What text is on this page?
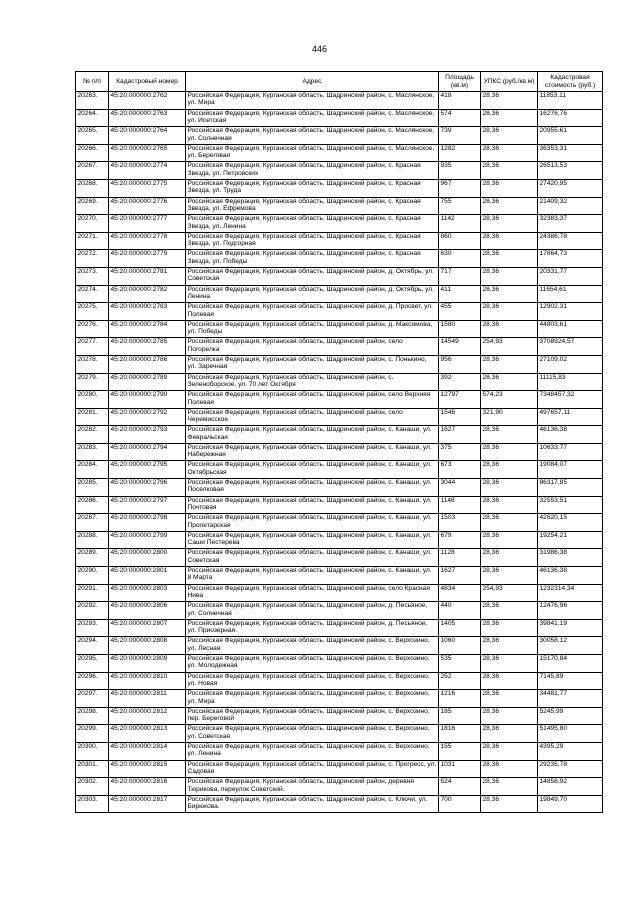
446
№ п/п	Кадастровый номер	Адрес	Площадь (кв.м)	УПКС (руб./кв.м)	Кадастровая стоимость (руб.)
20263.	45:20:000000:2762	Российская Федерация, Курганская область, Шадринский район, с. Маслянское, ул. Мира	418	28,36	11853,11
20264.	45:20:000000:2763	Российская Федерация, Курганская область, Шадринский район, с. Маслянское, ул. Исетская	574	28,36	16276,76
20265.	45:20:000000:2764	Российская Федерация, Курганская область, Шадринский район, с. Маслянское, ул. Солнечная	739	28,36	20955,61
20266.	45:20:000000:2765	Российская Федерация, Курганская область, Шадринский район, с. Маслянское, ул. Береговая	1282	28,36	36353,31
20267.	45:20:000000:2774	Российская Федерация, Курганская область, Шадринский район, с. Красная Звезда, ул. Петровских	935	28,36	26513,53
20268.	45:20:000000:2775	Российская Федерация, Курганская область, Шадринский район, с. Красная Звезда, ул. Труда	967	28,36	27420,95
20269.	45:20:000000:2776	Российская Федерация, Курганская область, Шадринский район, с. Красная Звезда, ул. Ефремова	755	28,36	21409,32
20270.	45:20:000000:2777	Российская Федерация, Курганская область, Шадринский район, с. Красная Звезда, ул. Ленина	1142	28,36	32383,37
20271.	45:20:000000:2778	Российская Федерация, Курганская область, Шадринский район, с. Красная Звезда, ул. Подгорная	860	28,36	24386,78
20272.	45:20:000000:2779	Российская Федерация, Курганская область, Шадринский район, с. Красная Звезда, ул. Победы	630	28,36	17864,73
20273.	45:20:000000:2781	Российская Федерация, Курганская область, Шадринский район, д. Октябрь, ул. Советская	717	28,36	20331,77
20274.	45:20:000000:2782	Российская Федерация, Курганская область, Шадринский район, д. Октябрь, ул. Ленина	411	28,36	11654,61
20275.	45:20:000000:2783	Российская Федерация, Курганская область, Шадринский район, д. Просвет, ул. Полевая	455	28,36	12902,31
20276.	45:20:000000:2784	Российская Федерация, Курганская область, Шадринский район, д. Максимова, ул. Победы	1580	28,36	44803,61
20277.	45:20:000000:2785	Российская Федерация, Курганская область, Шадринский район, село Погорелка	14549	254,93	3708924,57
20278.	45:20:000000:2786	Российская Федерация, Курганская область, Шадринский район, с. Понькино, ул. Заречная	956	28,36	27109,02
20279.	45:20:000000:2789	Российская Федерация, Курганская область, Шадринский район, с. Зеленоборское, ул. 70 лет Октября	392	28,36	11115,83
20280.	45:20:000000:2790	Российская Федерация, Курганская область, Шадринский район, село Верхняя Полевая	12797	574,23	7348457,32
20281.	45:20:000000:2792	Российская Федерация, Курганская область, Шадринский район, село Черемисское	1546	321,90	497657,11
20282.	45:20:000000:2793	Российская Федерация, Курганская область, Шадринский район, с. Канаши, ул. Февральская	1627	28,36	46136,38
20283.	45:20:000000:2794	Российская Федерация, Курганская область, Шадринский район, с. Канаши, ул. Набережная	375	28,36	10633,77
20284.	45:20:000000:2795	Российская Федерация, Курганская область, Шадринский район, с. Канаши, ул. Октябрьская	673	28,36	19084,07
20285.	45:20:000000:2796	Российская Федерация, Курганская область, Шадринский район, с. Канаши, ул. Поселковая	3044	28,36	86317,85
20286.	45:20:000000:2797	Российская Федерация, Курганская область, Шадринский район, с. Канаши, ул. Почтовая	1148	28,36	32553,51
20287.	45:20:000000:2798	Российская Федерация, Курганская область, Шадринский район, с. Канаши, ул. Пролетарская	1503	28,36	42620,15
20288.	45:20:000000:2799	Российская Федерация, Курганская область, Шадринский район, с. Канаши, ул. Саши Пестерева	679	28,36	19254,21
20289.	45:20:000000:2800	Российская Федерация, Курганская область, Шадринский район, с. Канаши, ул. Советская	1128	28,36	31986,38
20290.	45:20:000000:2801	Российская Федерация, Курганская область, Шадринский район, с. Канаши, ул. 8 Марта	1627	28,36	46136,38
20291.	45:20:000000:2803	Российская Федерация, Курганская область, Шадринский район, село Красная Нива	4834	254,93	1232314,34
20292.	45:20:000000:2806	Российская Федерация, Курганская область, Шадринский район, д. Песьяное, ул. Солнечная	440	28,36	12476,96
20293.	45:20:000000:2807	Российская Федерация, Курганская область, Шадринский район, д. Песьяное, ул. Приозерная.	1405	28,36	39841,19
20294.	45:20:000000:2808	Российская Федерация, Курганская область, Шадринский район, с. Верхозино, ул. Лесная	1060	28,36	30058,12
20295.	45:20:000000:2809	Российская Федерация, Курганская область, Шадринский район, с. Верхозино, ул. Молодежная	535	28,36	15170,84
20296.	45:20:000000:2810	Российская Федерация, Курганская область, Шадринский район, с. Верхозино, ул. Новая	252	28,36	7145,89
20297.	45:20:000000:2811	Российская Федерация, Курганская область, Шадринский район, с. Верхозино, ул. Мира	1216	28,36	34481,77
20298.	45:20:000000:2812	Российская Федерация, Курганская область, Шадринский район, с. Верхозино, пер. Береговой	185	28,36	5245,99
20299.	45:20:000000:2813	Российская Федерация, Курганская область, Шадринский район, с. Верхозино, ул. Советская	1816	28,36	51495,80
20300.	45:20:000000:2814	Российская Федерация, Курганская область, Шадринский район, с. Верхозино, ул. Ленина	155	28,36	4395,29
20301.	45:20:000000:2815	Российская Федерация, Курганская область, Шадринский район, с. Прогресс, ул. Садовая	1031	28,36	29235,78
20302.	45:20:000000:2816	Российская Федерация, Курганская область, Шадринский район, деревня Тюрикова, переулок Советский.	524	28,36	14858,92
20303.	45:20:000000:2817	Российская Федерация, Курганская область, Шадринский район, с. Ключи, ул. Бирюкова.	700	28,36	19849,70
